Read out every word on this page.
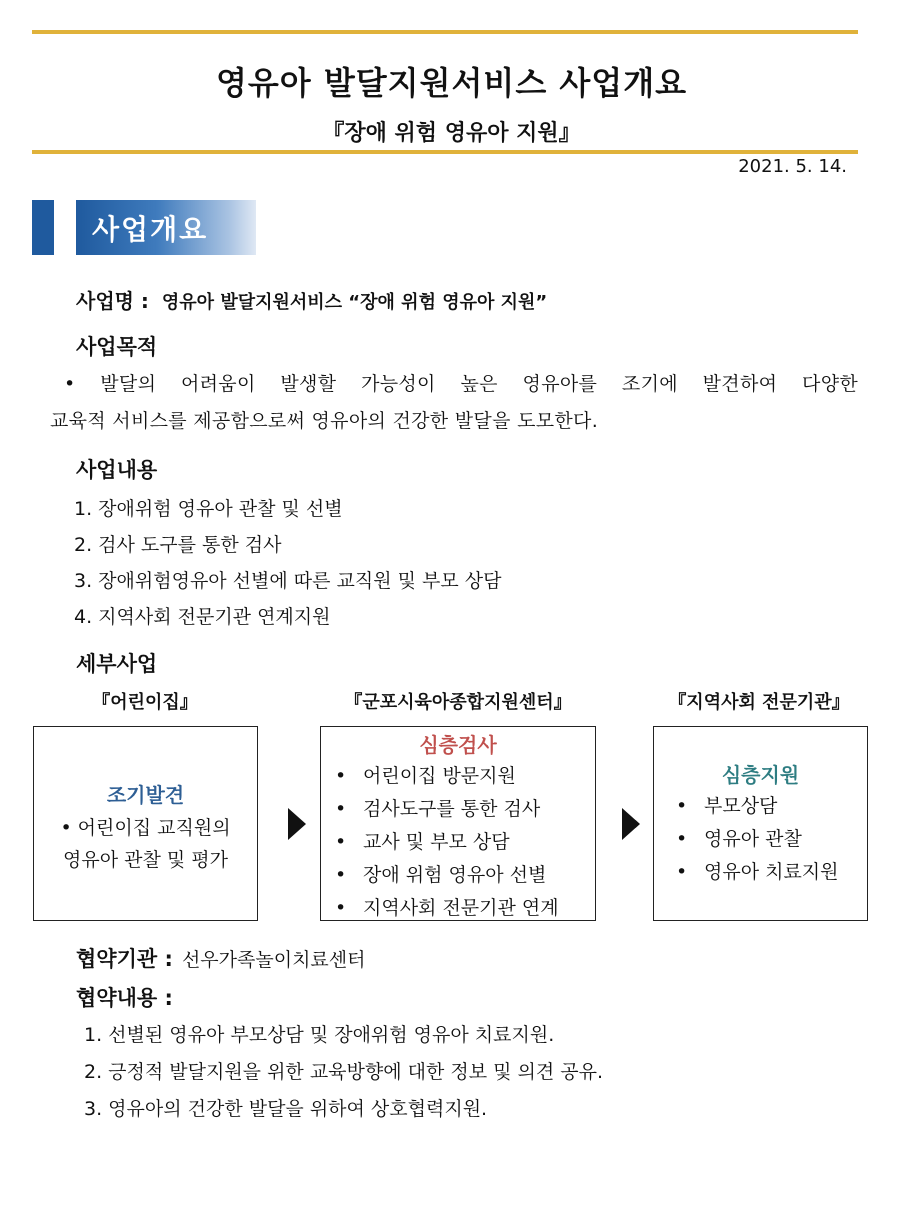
영유아 발달지원서비스 사업개요
『장애 위험 영유아 지원』
2021. 5. 14.
사업개요
사업명 : 영유아 발달지원서비스 “장애 위험 영유아 지원”
사업목적
• 발달의 어려움이 발생할 가능성이 높은 영유아를 조기에 발견하여 다양한
교육적 서비스를 제공함으로써 영유아의 건강한 발달을 도모한다.
사업내용
1. 장애위험 영유아 관찰 및 선별
2. 검사 도구를 통한 검사
3. 장애위험영유아 선별에 따른 교직원 및 부모 상담
4. 지역사회 전문기관 연계지원
세부사업
『어린이집』	『군포시육아종합지원센터』	『지역사회 전문기관』
조기발견
• 어린이집 교직원의
영유아 관찰 및 평가
심층검사
• 어린이집 방문지원
• 검사도구를 통한 검사
• 교사 및 부모 상담
• 장애 위험 영유아 선별
• 지역사회 전문기관 연계
심층지원
• 부모상담
• 영유아 관찰
• 영유아 치료지원
협약기관 : 선우가족놀이치료센터
협약내용 :
1. 선별된 영유아 부모상담 및 장애위험 영유아 치료지원.
2. 긍정적 발달지원을 위한 교육방향에 대한 정보 및 의견 공유.
3. 영유아의 건강한 발달을 위하여 상호협력지원.
